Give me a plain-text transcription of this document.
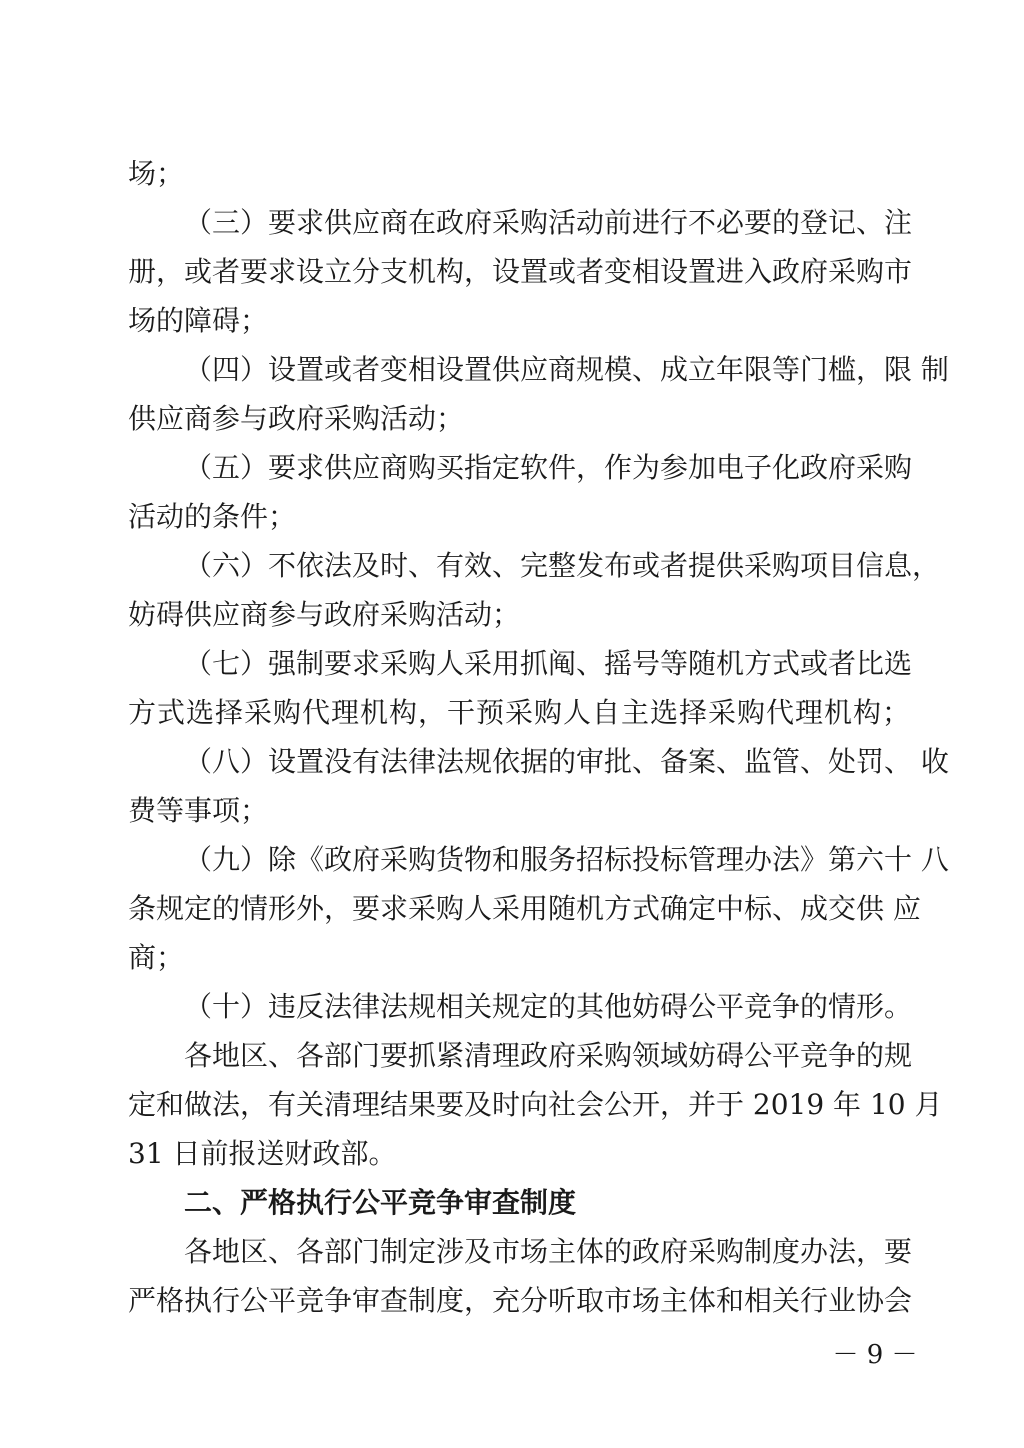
场；
（三）要求供应商在政府采购活动前进行不必要的登记、注
册，或者要求设立分支机构，设置或者变相设置进入政府采购市
场的障碍；
（四）设置或者变相设置供应商规模、成立年限等门槛，限 制
供应商参与政府采购活动；
（五）要求供应商购买指定软件，作为参加电子化政府采购
活动的条件；
（六）不依法及时、有效、完整发布或者提供采购项目信息，
妨碍供应商参与政府采购活动；
（七）强制要求采购人采用抓阄、摇号等随机方式或者比选
方式选择采购代理机构，干预采购人自主选择采购代理机构；
（八）设置没有法律法规依据的审批、备案、监管、处罚、 收
费等事项；
（九）除《政府采购货物和服务招标投标管理办法》第六十 八
条规定的情形外，要求采购人采用随机方式确定中标、成交供 应
商；
（十）违反法律法规相关规定的其他妨碍公平竞争的情形。
各地区、各部门要抓紧清理政府采购领域妨碍公平竞争的规
定和做法，有关清理结果要及时向社会公开，并于 2019 年 10 月
31 日前报送财政部。
二、严格执行公平竞争审查制度
各地区、各部门制定涉及市场主体的政府采购制度办法，要
严格执行公平竞争审查制度，充分听取市场主体和相关行业协会
－ 9 －
